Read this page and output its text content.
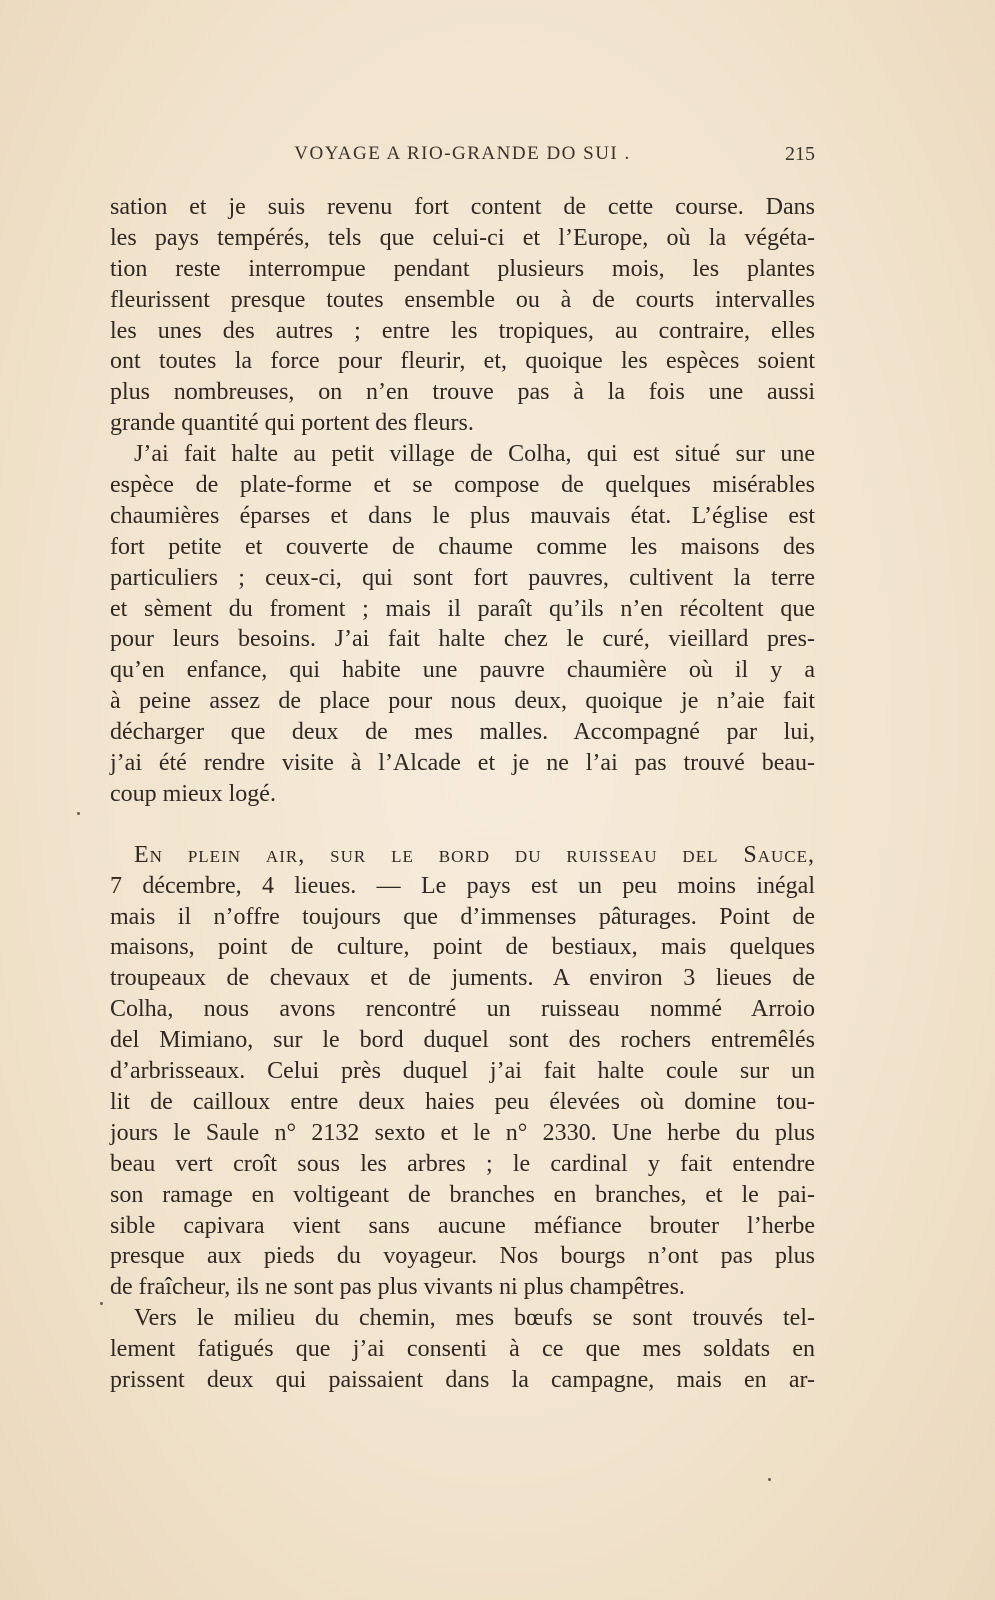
VOYAGE A RIO-GRANDE DO SUI .	215
sation et je suis revenu fort content de cette course. Dans
les pays tempérés, tels que celui-ci et l’Europe, où la végéta-
tion reste interrompue pendant plusieurs mois, les plantes
fleurissent presque toutes ensemble ou à de courts intervalles
les unes des autres ; entre les tropiques, au contraire, elles
ont toutes la force pour fleurir, et, quoique les espèces soient
plus nombreuses, on n’en trouve pas à la fois une aussi
grande quantité qui portent des fleurs.
J’ai fait halte au petit village de Colha, qui est situé sur une
espèce de plate-forme et se compose de quelques misérables
chaumières éparses et dans le plus mauvais état. L’église est
fort petite et couverte de chaume comme les maisons des
particuliers ; ceux-ci, qui sont fort pauvres, cultivent la terre
et sèment du froment ; mais il paraît qu’ils n’en récoltent que
pour leurs besoins. J’ai fait halte chez le curé, vieillard pres-
qu’en enfance, qui habite une pauvre chaumière où il y a
à peine assez de place pour nous deux, quoique je n’aie fait
décharger que deux de mes malles. Accompagné par lui,
j’ai été rendre visite à l’Alcade et je ne l’ai pas trouvé beau-
coup mieux logé.
En plein air, sur le bord du ruisseau del Sauce,
7 décembre, 4 lieues. — Le pays est un peu moins inégal
mais il n’offre toujours que d’immenses pâturages. Point de
maisons, point de culture, point de bestiaux, mais quelques
troupeaux de chevaux et de juments. A environ 3 lieues de
Colha, nous avons rencontré un ruisseau nommé Arroio
del Mimiano, sur le bord duquel sont des rochers entremêlés
d’arbrisseaux. Celui près duquel j’ai fait halte coule sur un
lit de cailloux entre deux haies peu élevées où domine tou-
jours le Saule n° 2132 sexto et le n° 2330. Une herbe du plus
beau vert croît sous les arbres ; le cardinal y fait entendre
son ramage en voltigeant de branches en branches, et le pai-
sible capivara vient sans aucune méfiance brouter l’herbe
presque aux pieds du voyageur. Nos bourgs n’ont pas plus
de fraîcheur, ils ne sont pas plus vivants ni plus champêtres.
Vers le milieu du chemin, mes bœufs se sont trouvés tel-
lement fatigués que j’ai consenti à ce que mes soldats en
prissent deux qui paissaient dans la campagne, mais en ar-
